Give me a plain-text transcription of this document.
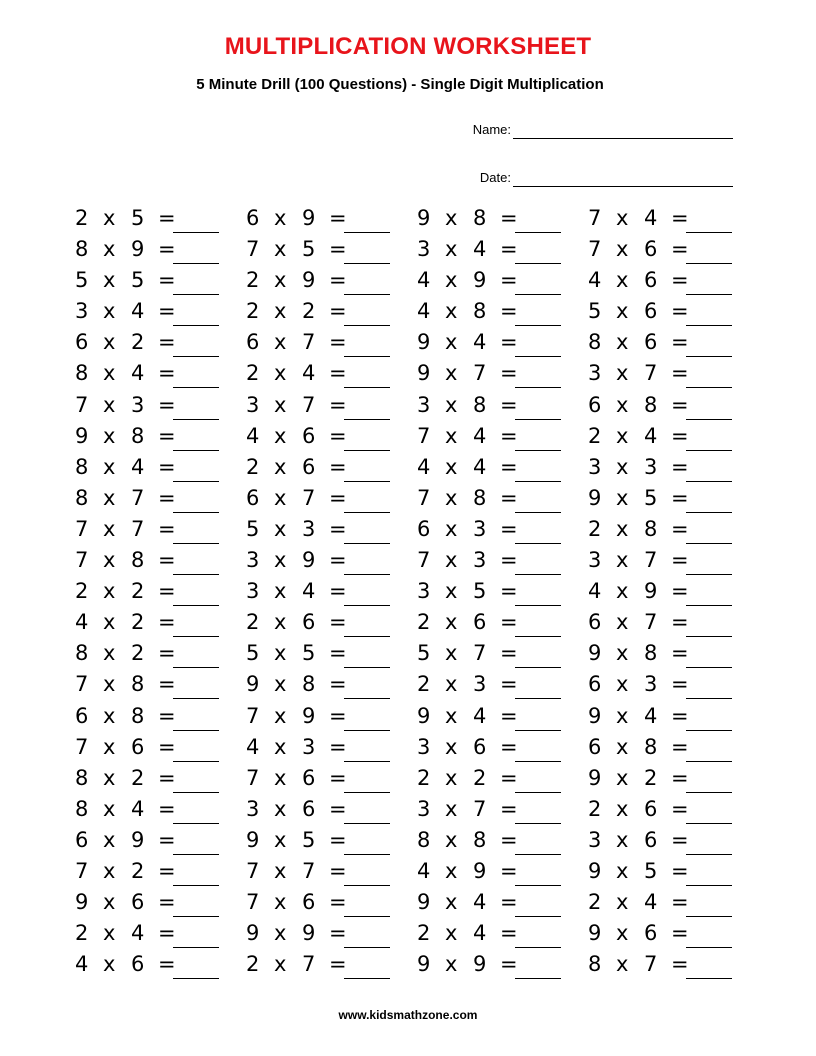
MULTIPLICATION WORKSHEET
5 Minute Drill (100 Questions) - Single Digit Multiplication
Name:
Date:
2 x 5 =
8 x 9 =
5 x 5 =
3 x 4 =
6 x 2 =
8 x 4 =
7 x 3 =
9 x 8 =
8 x 4 =
8 x 7 =
7 x 7 =
7 x 8 =
2 x 2 =
4 x 2 =
8 x 2 =
7 x 8 =
6 x 8 =
7 x 6 =
8 x 2 =
8 x 4 =
6 x 9 =
7 x 2 =
9 x 6 =
2 x 4 =
4 x 6 =
6 x 9 =
7 x 5 =
2 x 9 =
2 x 2 =
6 x 7 =
2 x 4 =
3 x 7 =
4 x 6 =
2 x 6 =
6 x 7 =
5 x 3 =
3 x 9 =
3 x 4 =
2 x 6 =
5 x 5 =
9 x 8 =
7 x 9 =
4 x 3 =
7 x 6 =
3 x 6 =
9 x 5 =
7 x 7 =
7 x 6 =
9 x 9 =
2 x 7 =
9 x 8 =
3 x 4 =
4 x 9 =
4 x 8 =
9 x 4 =
9 x 7 =
3 x 8 =
7 x 4 =
4 x 4 =
7 x 8 =
6 x 3 =
7 x 3 =
3 x 5 =
2 x 6 =
5 x 7 =
2 x 3 =
9 x 4 =
3 x 6 =
2 x 2 =
3 x 7 =
8 x 8 =
4 x 9 =
9 x 4 =
2 x 4 =
9 x 9 =
7 x 4 =
7 x 6 =
4 x 6 =
5 x 6 =
8 x 6 =
3 x 7 =
6 x 8 =
2 x 4 =
3 x 3 =
9 x 5 =
2 x 8 =
3 x 7 =
4 x 9 =
6 x 7 =
9 x 8 =
6 x 3 =
9 x 4 =
6 x 8 =
9 x 2 =
2 x 6 =
3 x 6 =
9 x 5 =
2 x 4 =
9 x 6 =
8 x 7 =
www.kidsmathzone.com
